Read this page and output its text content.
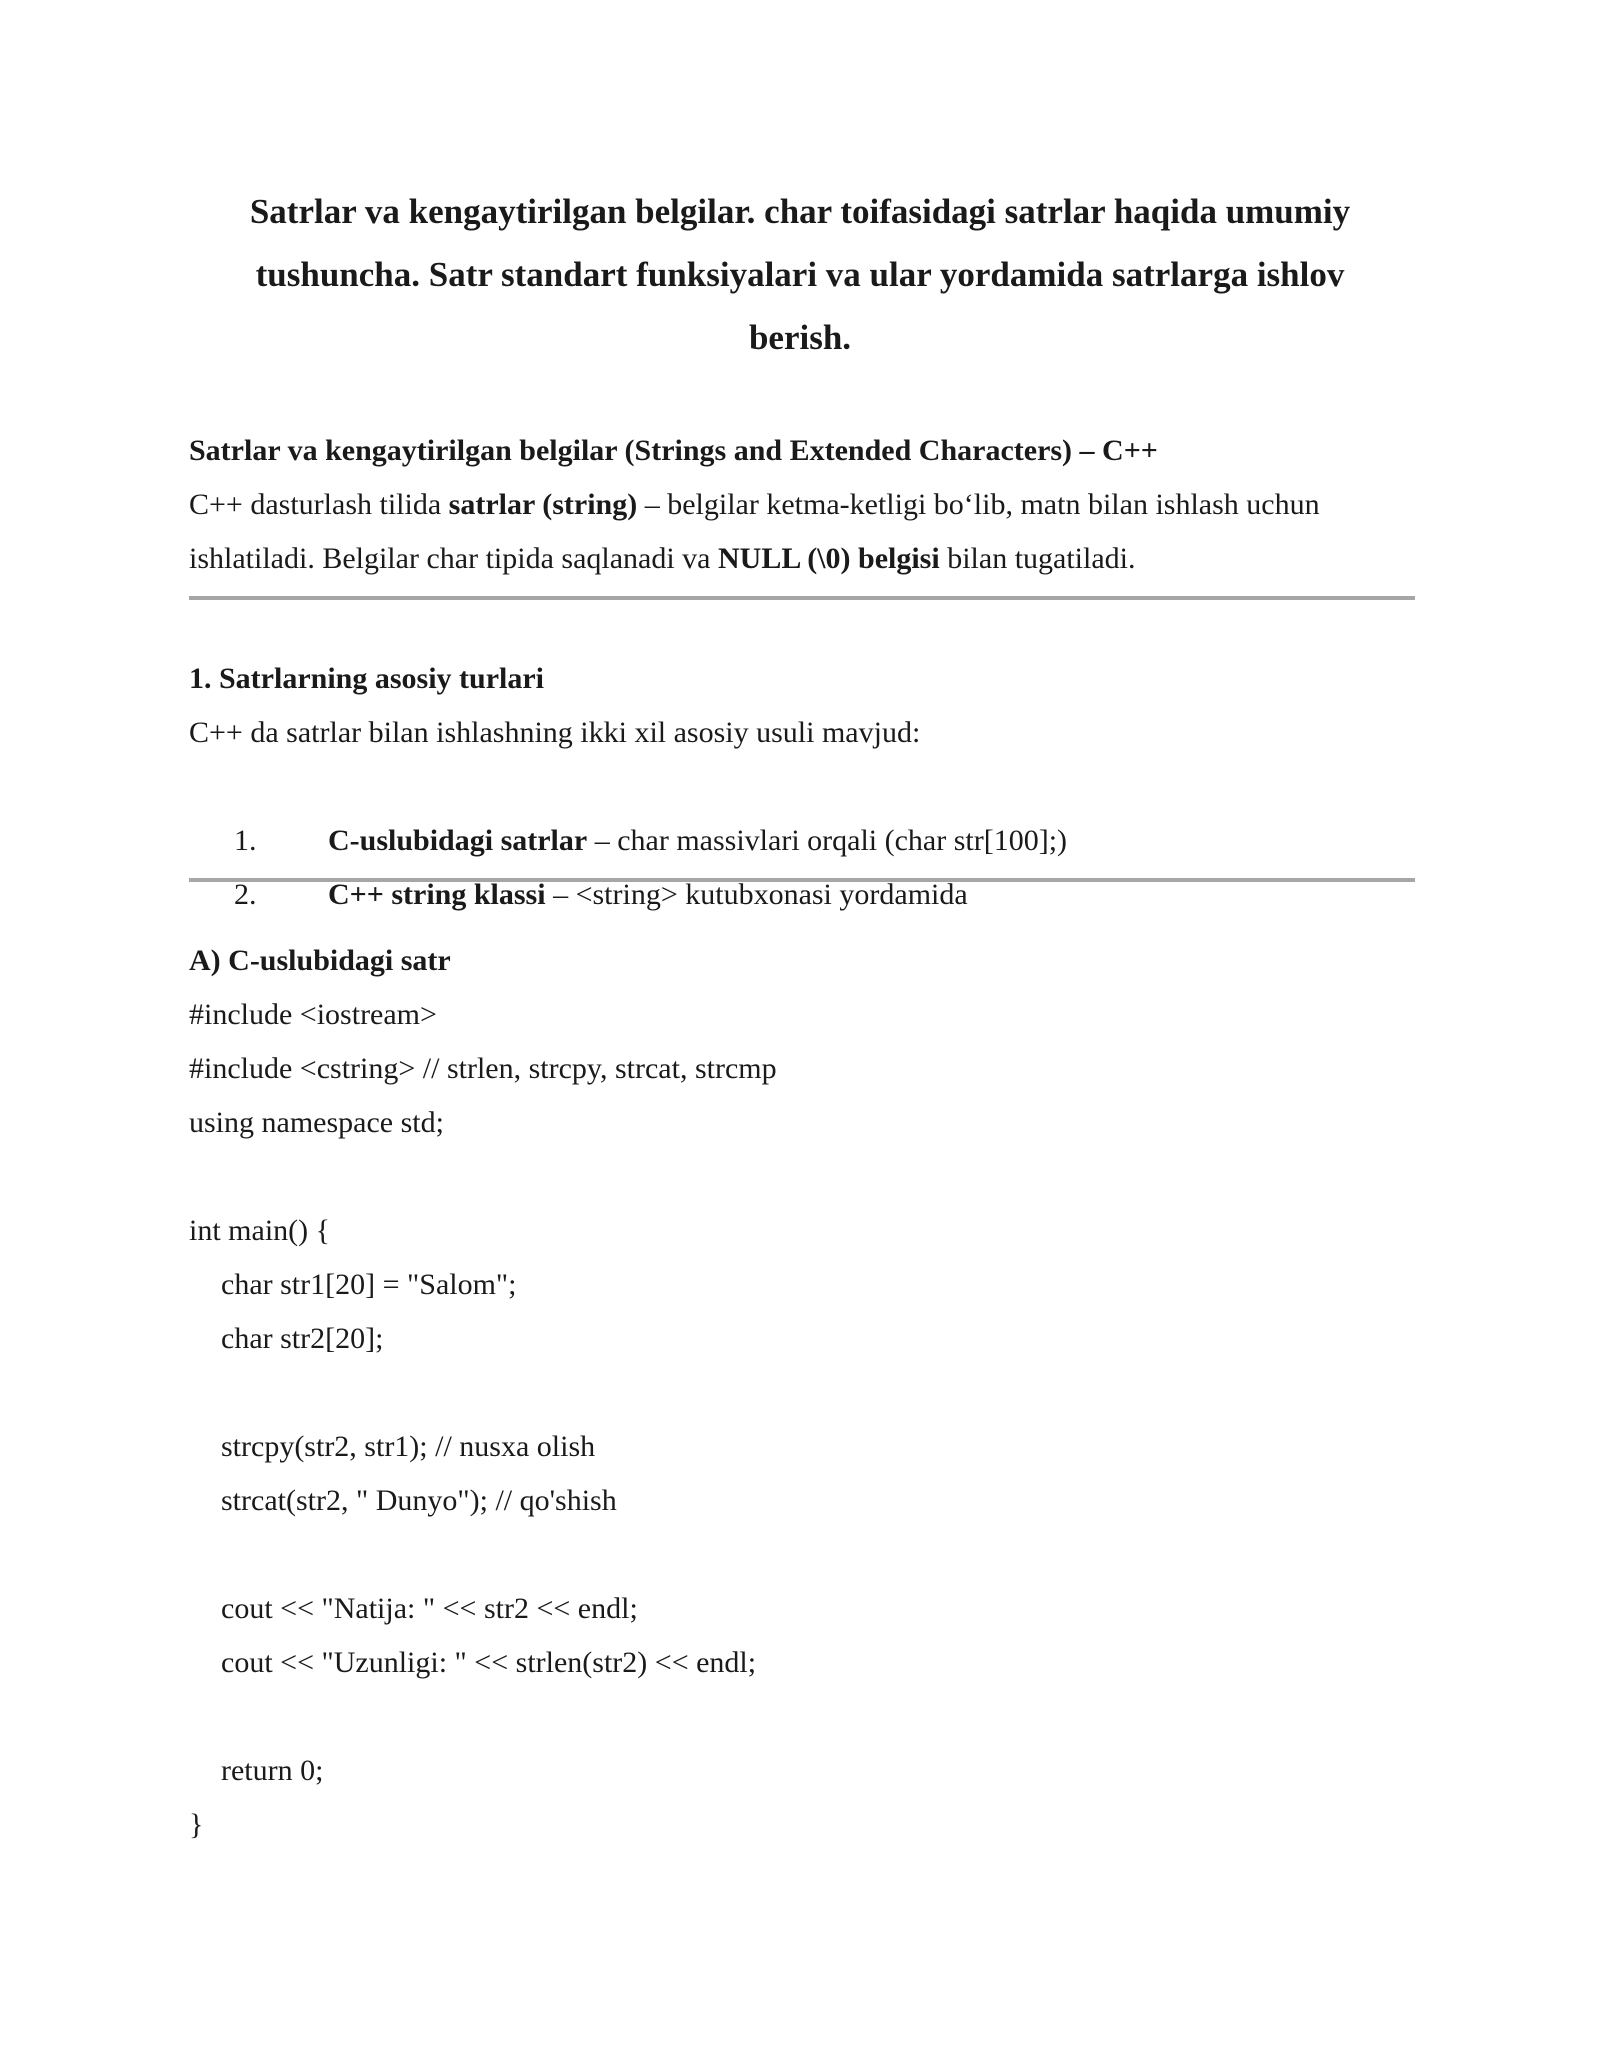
Satrlar va kengaytirilgan belgilar. char toifasidagi satrlar haqida umumiy
tushuncha. Satr standart funksiyalari va ular yordamida satrlarga ishlov
berish.
Satrlar va kengaytirilgan belgilar (Strings and Extended Characters) – C++
C++ dasturlash tilida satrlar (string) – belgilar ketma-ketligi bo‘lib, matn bilan ishlash uchun
ishlatiladi. Belgilar char tipida saqlanadi va NULL (\0) belgisi bilan tugatiladi.
1. Satrlarning asosiy turlari
C++ da satrlar bilan ishlashning ikki xil asosiy usuli mavjud:

1. C-uslubidagi satrlar – char massivlari orqali (char str[100];)

2. C++ string klassi – <string> kutubxonasi yordamida

A) C-uslubidagi satr
#include <iostream>
#include <cstring> // strlen, strcpy, strcat, strcmp
using namespace std;
int main() {
char str1[20] = "Salom";
char str2[20];
strcpy(str2, str1); // nusxa olish
strcat(str2, " Dunyo"); // qo'shish
cout << "Natija: " << str2 << endl;
cout << "Uzunligi: " << strlen(str2) << endl;
return 0;
}
